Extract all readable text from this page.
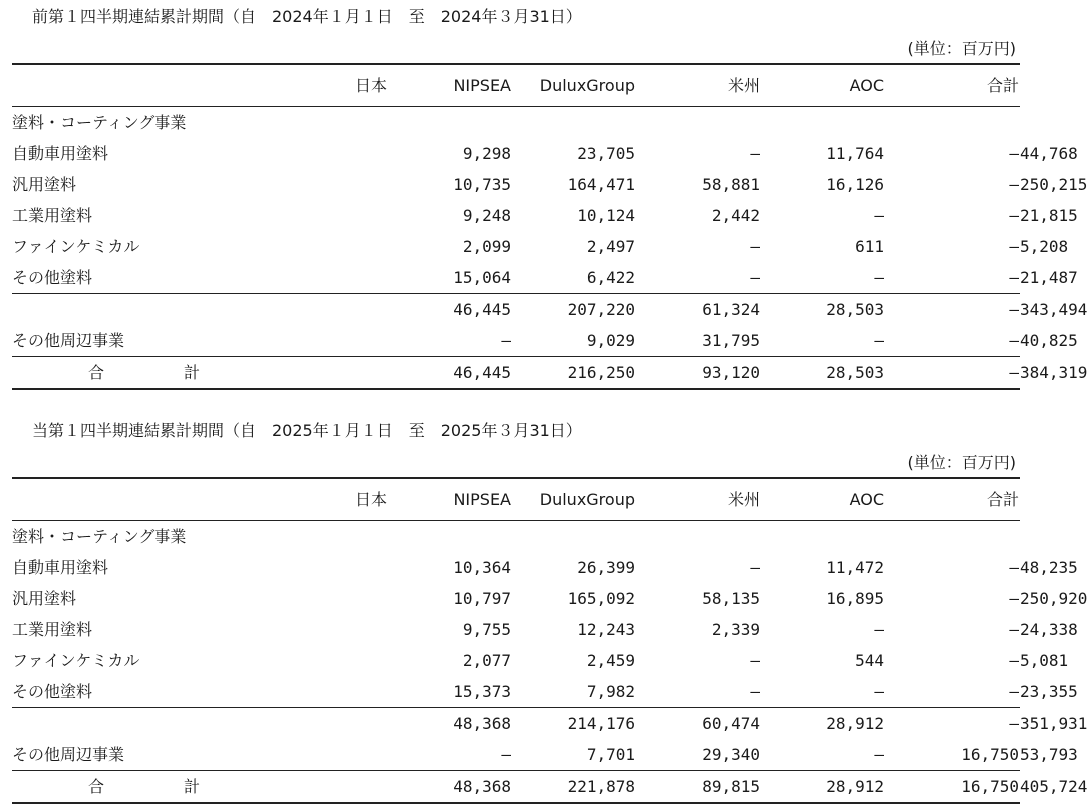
前第１四半期連結累計期間（自　2024年１月１日　至　2024年３月31日）
(単位：百万円)
	日本	NIPSEA	DuluxGroup	米州	AOC	合計	
塗料・コーティング事業							
自動車用塗料	9,298		23,705	―	11,764	―	44,768
汎用塗料	10,735		164,471	58,881	16,126	―	250,215
工業用塗料	9,248		10,124	2,442	―	―	21,815
ファインケミカル	2,099		2,497	―	611	―	5,208
その他塗料	15,064		6,422	―	―	―	21,487
	46,445		207,220	61,324	28,503	―	343,494
その他周辺事業	―		9,029	31,795	―	―	40,825
合 計	46,445		216,250	93,120	28,503	―	384,319
当第１四半期連結累計期間（自　2025年１月１日　至　2025年３月31日）
(単位：百万円)
	日本	NIPSEA	DuluxGroup	米州	AOC	合計	
塗料・コーティング事業							
自動車用塗料	10,364		26,399	―	11,472	―	48,235
汎用塗料	10,797		165,092	58,135	16,895	―	250,920
工業用塗料	9,755		12,243	2,339	―	―	24,338
ファインケミカル	2,077		2,459	―	544	―	5,081
その他塗料	15,373		7,982	―	―	―	23,355
	48,368		214,176	60,474	28,912	―	351,931
その他周辺事業	―		7,701	29,340	―	16,750	53,793
合 計	48,368		221,878	89,815	28,912	16,750	405,724
